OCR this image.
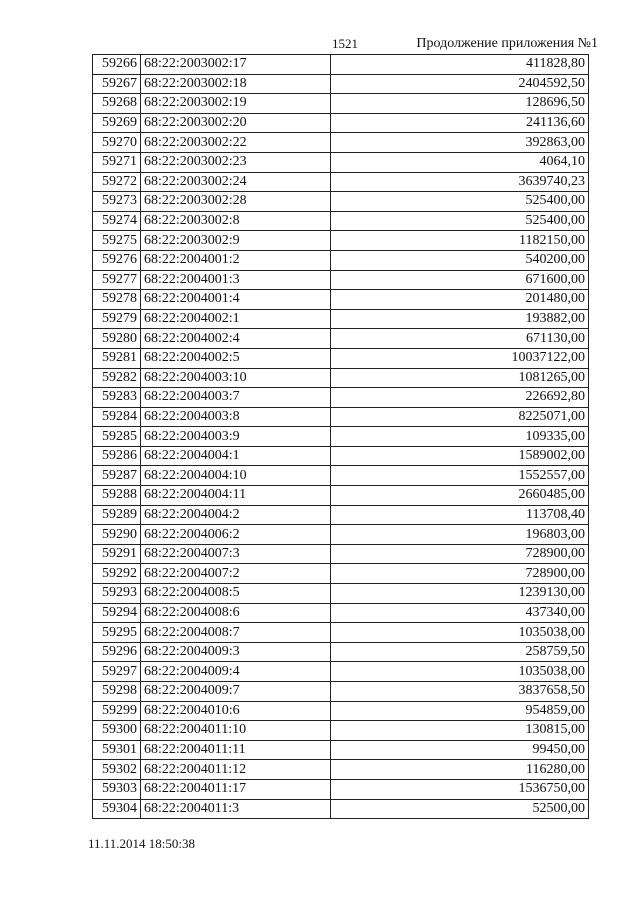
1521	Продолжение приложения №1
59266	68:22:2003002:17	411828,80
59267	68:22:2003002:18	2404592,50
59268	68:22:2003002:19	128696,50
59269	68:22:2003002:20	241136,60
59270	68:22:2003002:22	392863,00
59271	68:22:2003002:23	4064,10
59272	68:22:2003002:24	3639740,23
59273	68:22:2003002:28	525400,00
59274	68:22:2003002:8	525400,00
59275	68:22:2003002:9	1182150,00
59276	68:22:2004001:2	540200,00
59277	68:22:2004001:3	671600,00
59278	68:22:2004001:4	201480,00
59279	68:22:2004002:1	193882,00
59280	68:22:2004002:4	671130,00
59281	68:22:2004002:5	10037122,00
59282	68:22:2004003:10	1081265,00
59283	68:22:2004003:7	226692,80
59284	68:22:2004003:8	8225071,00
59285	68:22:2004003:9	109335,00
59286	68:22:2004004:1	1589002,00
59287	68:22:2004004:10	1552557,00
59288	68:22:2004004:11	2660485,00
59289	68:22:2004004:2	113708,40
59290	68:22:2004006:2	196803,00
59291	68:22:2004007:3	728900,00
59292	68:22:2004007:2	728900,00
59293	68:22:2004008:5	1239130,00
59294	68:22:2004008:6	437340,00
59295	68:22:2004008:7	1035038,00
59296	68:22:2004009:3	258759,50
59297	68:22:2004009:4	1035038,00
59298	68:22:2004009:7	3837658,50
59299	68:22:2004010:6	954859,00
59300	68:22:2004011:10	130815,00
59301	68:22:2004011:11	99450,00
59302	68:22:2004011:12	116280,00
59303	68:22:2004011:17	1536750,00
59304	68:22:2004011:3	52500,00
11.11.2014 18:50:38
